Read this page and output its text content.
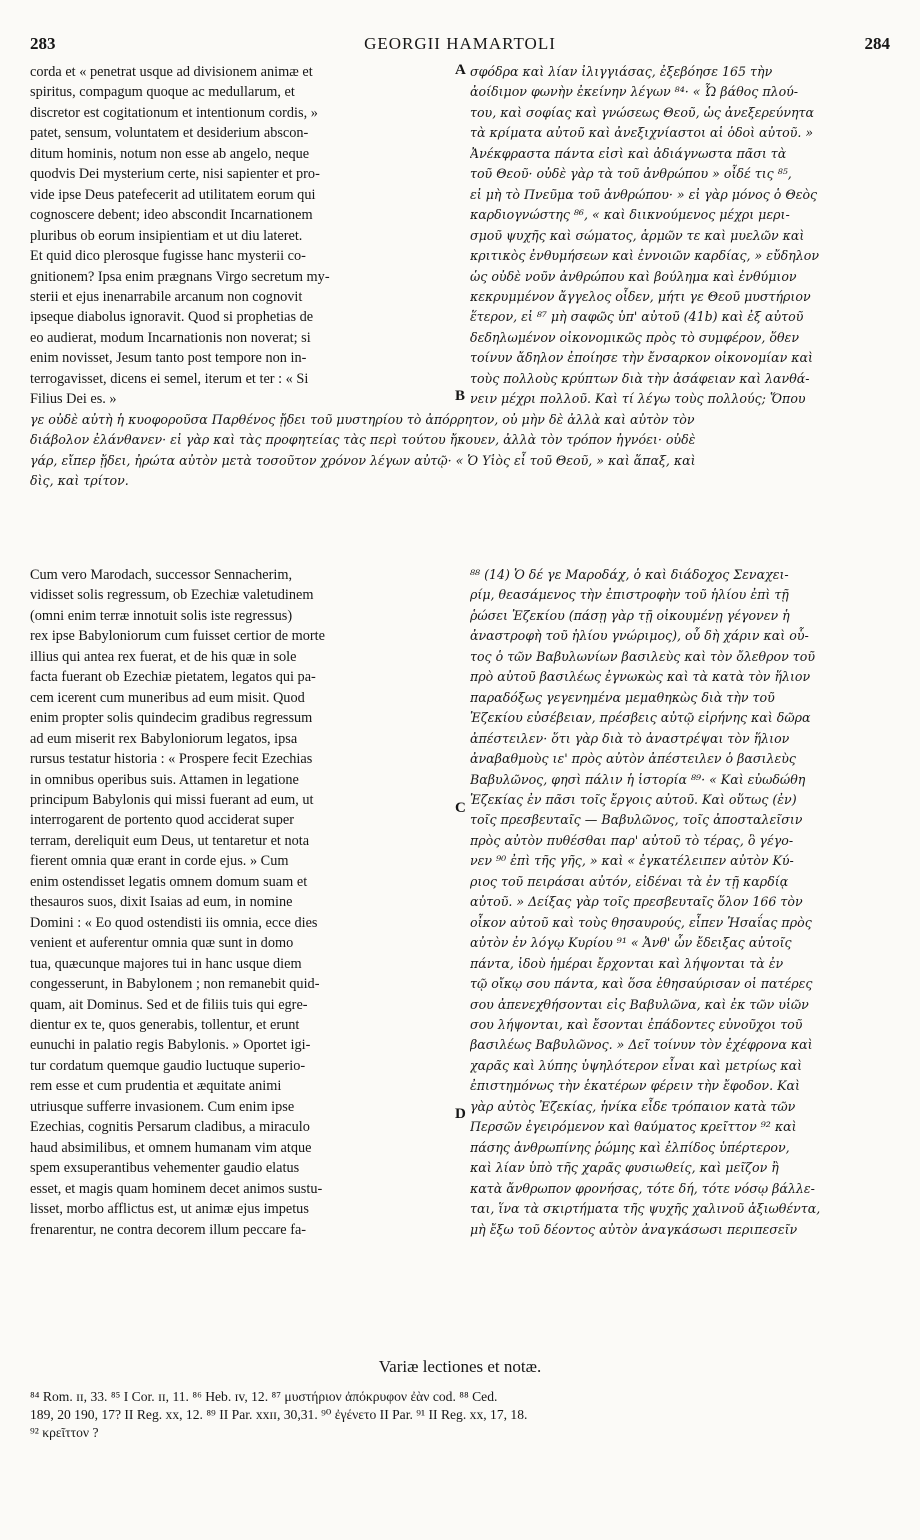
283	GEORGII HAMARTOLI	284
corda et « penetrat usque ad divisionem animæ et
spiritus, compagum quoque ac medullarum, et
discretor est cogitationum et intentionum cordis, »
patet, sensum, voluntatem et desiderium abscon-
ditum hominis, notum non esse ab angelo, neque
quodvis Dei mysterium certe, nisi sapienter et pro-
vide ipse Deus patefecerit ad utilitatem eorum qui
cognoscere debent; ideo abscondit Incarnationem
pluribus ob eorum insipientiam et ut diu lateret.
Et quid dico plerosque fugisse hanc mysterii co-
gnitionem? Ipsa enim prægnans Virgo secretum my-
sterii et ejus inenarrabile arcanum non cognovit
ipseque diabolus ignoravit. Quod si prophetias de
eo audierat, modum Incarnationis non noverat; si
enim novisset, Jesum tanto post tempore non in-
terrogavisset, dicens ei semel, iterum et ter : « Si
Filius Dei es. »
σφόδρα καὶ λίαν ἰλιγγιάσας, ἐξεβόησε 165 τὴν
ἀοίδιμον φωνὴν ἐκείνην λέγων ⁸⁴· « Ὦ βάθος πλού-
του, καὶ σοφίας καὶ γνώσεως Θεοῦ, ὡς ἀνεξερεύνητα
τὰ κρίματα αὐτοῦ καὶ ἀνεξιχνίαστοι αἱ ὁδοὶ αὐτοῦ. »
Ἀνέκφραστα πάντα εἰσὶ καὶ ἀδιάγνωστα πᾶσι τὰ
τοῦ Θεοῦ· οὐδὲ γὰρ τὰ τοῦ ἀνθρώπου » οἶδέ τις ⁸⁵,
εἰ μὴ τὸ Πνεῦμα τοῦ ἀνθρώπου· » εἰ γὰρ μόνος ὁ Θεὸς
καρδιογνώστης ⁸⁶, « καὶ διικνούμενος μέχρι μερι-
σμοῦ ψυχῆς καὶ σώματος, ἁρμῶν τε καὶ μυελῶν καὶ
κριτικὸς ἐνθυμήσεων καὶ ἐννοιῶν καρδίας, » εὔδηλον
ὡς οὐδὲ νοῦν ἀνθρώπου καὶ βούλημα καὶ ἐνθύμιον
κεκρυμμένον ἄγγελος οἶδεν, μήτι γε Θεοῦ μυστήριον
ἕτερον, εἰ ⁸⁷ μὴ σαφῶς ὑπ' αὐτοῦ (41b) καὶ ἐξ αὐτοῦ
δεδηλωμένον οἰκονομικῶς πρὸς τὸ συμφέρον, ὅθεν
τοίνυν ἄδηλον ἐποίησε τὴν ἔνσαρκον οἰκονομίαν καὶ
τοὺς πολλοὺς κρύπτων διὰ τὴν ἀσάφειαν καὶ λανθά-
νειν μέχρι πολλοῦ. Καὶ τί λέγω τοὺς πολλούς; Ὅπου
γε οὐδὲ αὐτὴ ἡ κυοφοροῦσα Παρθένος ᾔδει τοῦ μυστηρίου τὸ ἀπόρρητον, οὐ μὴν δὲ ἀλλὰ καὶ αὐτὸν τὸν
διάβολον ἐλάνθανεν· εἰ γὰρ καὶ τὰς προφητείας τὰς περὶ τούτου ἤκουεν, ἀλλὰ τὸν τρόπον ἠγνόει· οὐδὲ
γάρ, εἴπερ ᾔδει, ἠρώτα αὐτὸν μετὰ τοσοῦτον χρόνον λέγων αὐτῷ· « Ὁ Υἱὸς εἶ τοῦ Θεοῦ, » καὶ ἅπαξ, καὶ
δὶς, καὶ τρίτον.
Cum vero Marodach, successor Sennacherim,
vidisset solis regressum, ob Ezechiæ valetudinem
(omni enim terræ innotuit solis iste regressus)
rex ipse Babyloniorum cum fuisset certior de morte
illius qui antea rex fuerat, et de his quæ in sole
facta fuerant ob Ezechiæ pietatem, legatos qui pa-
cem icerent cum muneribus ad eum misit. Quod
enim propter solis quindecim gradibus regressum
ad eum miserit rex Babyloniorum legatos, ipsa
rursus testatur historia : « Prospere fecit Ezechias
in omnibus operibus suis. Attamen in legatione
principum Babylonis qui missi fuerant ad eum, ut
interrogarent de portento quod acciderat super
terram, dereliquit eum Deus, ut tentaretur et nota
fierent omnia quæ erant in corde ejus. » Cum
enim ostendisset legatis omnem domum suam et
thesauros suos, dixit Isaias ad eum, in nomine
Domini : « Eo quod ostendisti iis omnia, ecce dies
venient et auferentur omnia quæ sunt in domo
tua, quæcunque majores tui in hanc usque diem
congesserunt, in Babylonem ; non remanebit quid-
quam, ait Dominus. Sed et de filiis tuis qui egre-
dientur ex te, quos generabis, tollentur, et erunt
eunuchi in palatio regis Babylonis. » Oportet igi-
tur cordatum quemque gaudio luctuque superio-
rem esse et cum prudentia et æquitate animi
utriusque sufferre invasionem. Cum enim ipse
Ezechias, cognitis Persarum cladibus, a miraculo
haud absimilibus, et omnem humanam vim atque
spem exsuperantibus vehementer gaudio elatus
esset, et magis quam hominem decet animos sustu-
lisset, morbo afflictus est, ut animæ ejus impetus
frenarentur, ne contra decorem illum peccare fa-
⁸⁸ (14) Ὁ δέ γε Μαροδάχ, ὁ καὶ διάδοχος Σεναχει-
ρίμ, θεασάμενος τὴν ἐπιστροφὴν τοῦ ἡλίου ἐπὶ τῇ
ῥώσει Ἐζεκίου (πάσῃ γὰρ τῇ οἰκουμένῃ γέγονεν ἡ
ἀναστροφὴ τοῦ ἡλίου γνώριμος), οὗ δὴ χάριν καὶ οὗ-
τος ὁ τῶν Βαβυλωνίων βασιλεὺς καὶ τὸν ὄλεθρον τοῦ
πρὸ αὐτοῦ βασιλέως ἐγνωκὼς καὶ τὰ κατὰ τὸν ἥλιον
παραδόξως γεγενημένα μεμαθηκὼς διὰ τὴν τοῦ
Ἐζεκίου εὐσέβειαν, πρέσβεις αὐτῷ εἰρήνης καὶ δῶρα
ἀπέστειλεν· ὅτι γὰρ διὰ τὸ ἀναστρέψαι τὸν ἥλιον
ἀναβαθμοὺς ιε' πρὸς αὐτὸν ἀπέστειλεν ὁ βασιλεὺς
Βαβυλῶνος, φησὶ πάλιν ἡ ἱστορία ⁸⁹· « Καὶ εὐωδώθη
Ἐζεκίας ἐν πᾶσι τοῖς ἔργοις αὐτοῦ. Καὶ οὕτως (ἐν)
τοῖς πρεσβευταῖς — Βαβυλῶνος, τοῖς ἀποσταλεῖσιν
πρὸς αὐτὸν πυθέσθαι παρ' αὐτοῦ τὸ τέρας, ὃ γέγο-
νεν ⁹⁰ ἐπὶ τῆς γῆς, » καὶ « ἐγκατέλειπεν αὐτὸν Κύ-
ριος τοῦ πειράσαι αὐτόν, εἰδέναι τὰ ἐν τῇ καρδίᾳ
αὐτοῦ. » Δείξας γὰρ τοῖς πρεσβευταῖς ὅλον 166 τὸν
οἶκον αὐτοῦ καὶ τοὺς θησαυρούς, εἶπεν Ἡσαΐας πρὸς
αὐτὸν ἐν λόγῳ Κυρίου ⁹¹ « Ἀνθ' ὧν ἔδειξας αὐτοῖς
πάντα, ἰδοὺ ἡμέραι ἔρχονται καὶ λήψονται τὰ ἐν
τῷ οἴκῳ σου πάντα, καὶ ὅσα ἐθησαύρισαν οἱ πατέρες
σου ἀπενεχθήσονται εἰς Βαβυλῶνα, καὶ ἐκ τῶν υἱῶν
σου λήψονται, καὶ ἔσονται ἐπάδοντες εὐνοῦχοι τοῦ
βασιλέως Βαβυλῶνος. » Δεῖ τοίνυν τὸν ἐχέφρονα καὶ
χαρᾶς καὶ λύπης ὑψηλότερον εἶναι καὶ μετρίως καὶ
ἐπιστημόνως τὴν ἑκατέρων φέρειν τὴν ἔφοδον. Καὶ
γὰρ αὐτὸς Ἐζεκίας, ἡνίκα εἶδε τρόπαιον κατὰ τῶν
Περσῶν ἐγειρόμενον καὶ θαύματος κρεῖττον ⁹² καὶ
πάσης ἀνθρωπίνης ῥώμης καὶ ἐλπίδος ὑπέρτερον,
καὶ λίαν ὑπὸ τῆς χαρᾶς φυσιωθείς, καὶ μεῖζον ἢ
κατὰ ἄνθρωπον φρονήσας, τότε δή, τότε νόσῳ βάλλε-
ται, ἵνα τὰ σκιρτήματα τῆς ψυχῆς χαλινοῦ ἀξιωθέντα,
μὴ ἔξω τοῦ δέοντος αὐτὸν ἀναγκάσωσι περιπεσεῖν
A
B
C
D
Variæ lectiones et notæ.
⁸⁴ Rom. ɪɪ, 33. ⁸⁵ I Cor. ɪɪ, 11. ⁸⁶ Heb. ɪv, 12. ⁸⁷ μυστήριον ἀπόκρυφον ἐὰν cod. ⁸⁸ Ced.
189, 20 190, 17? II Reg. xx, 12. ⁸⁹ II Par. xxɪɪ, 30,31. ⁹⁰ ἐγένετο II Par. ⁹¹ II Reg. xx, 17, 18.
⁹² κρεῖττον ?
